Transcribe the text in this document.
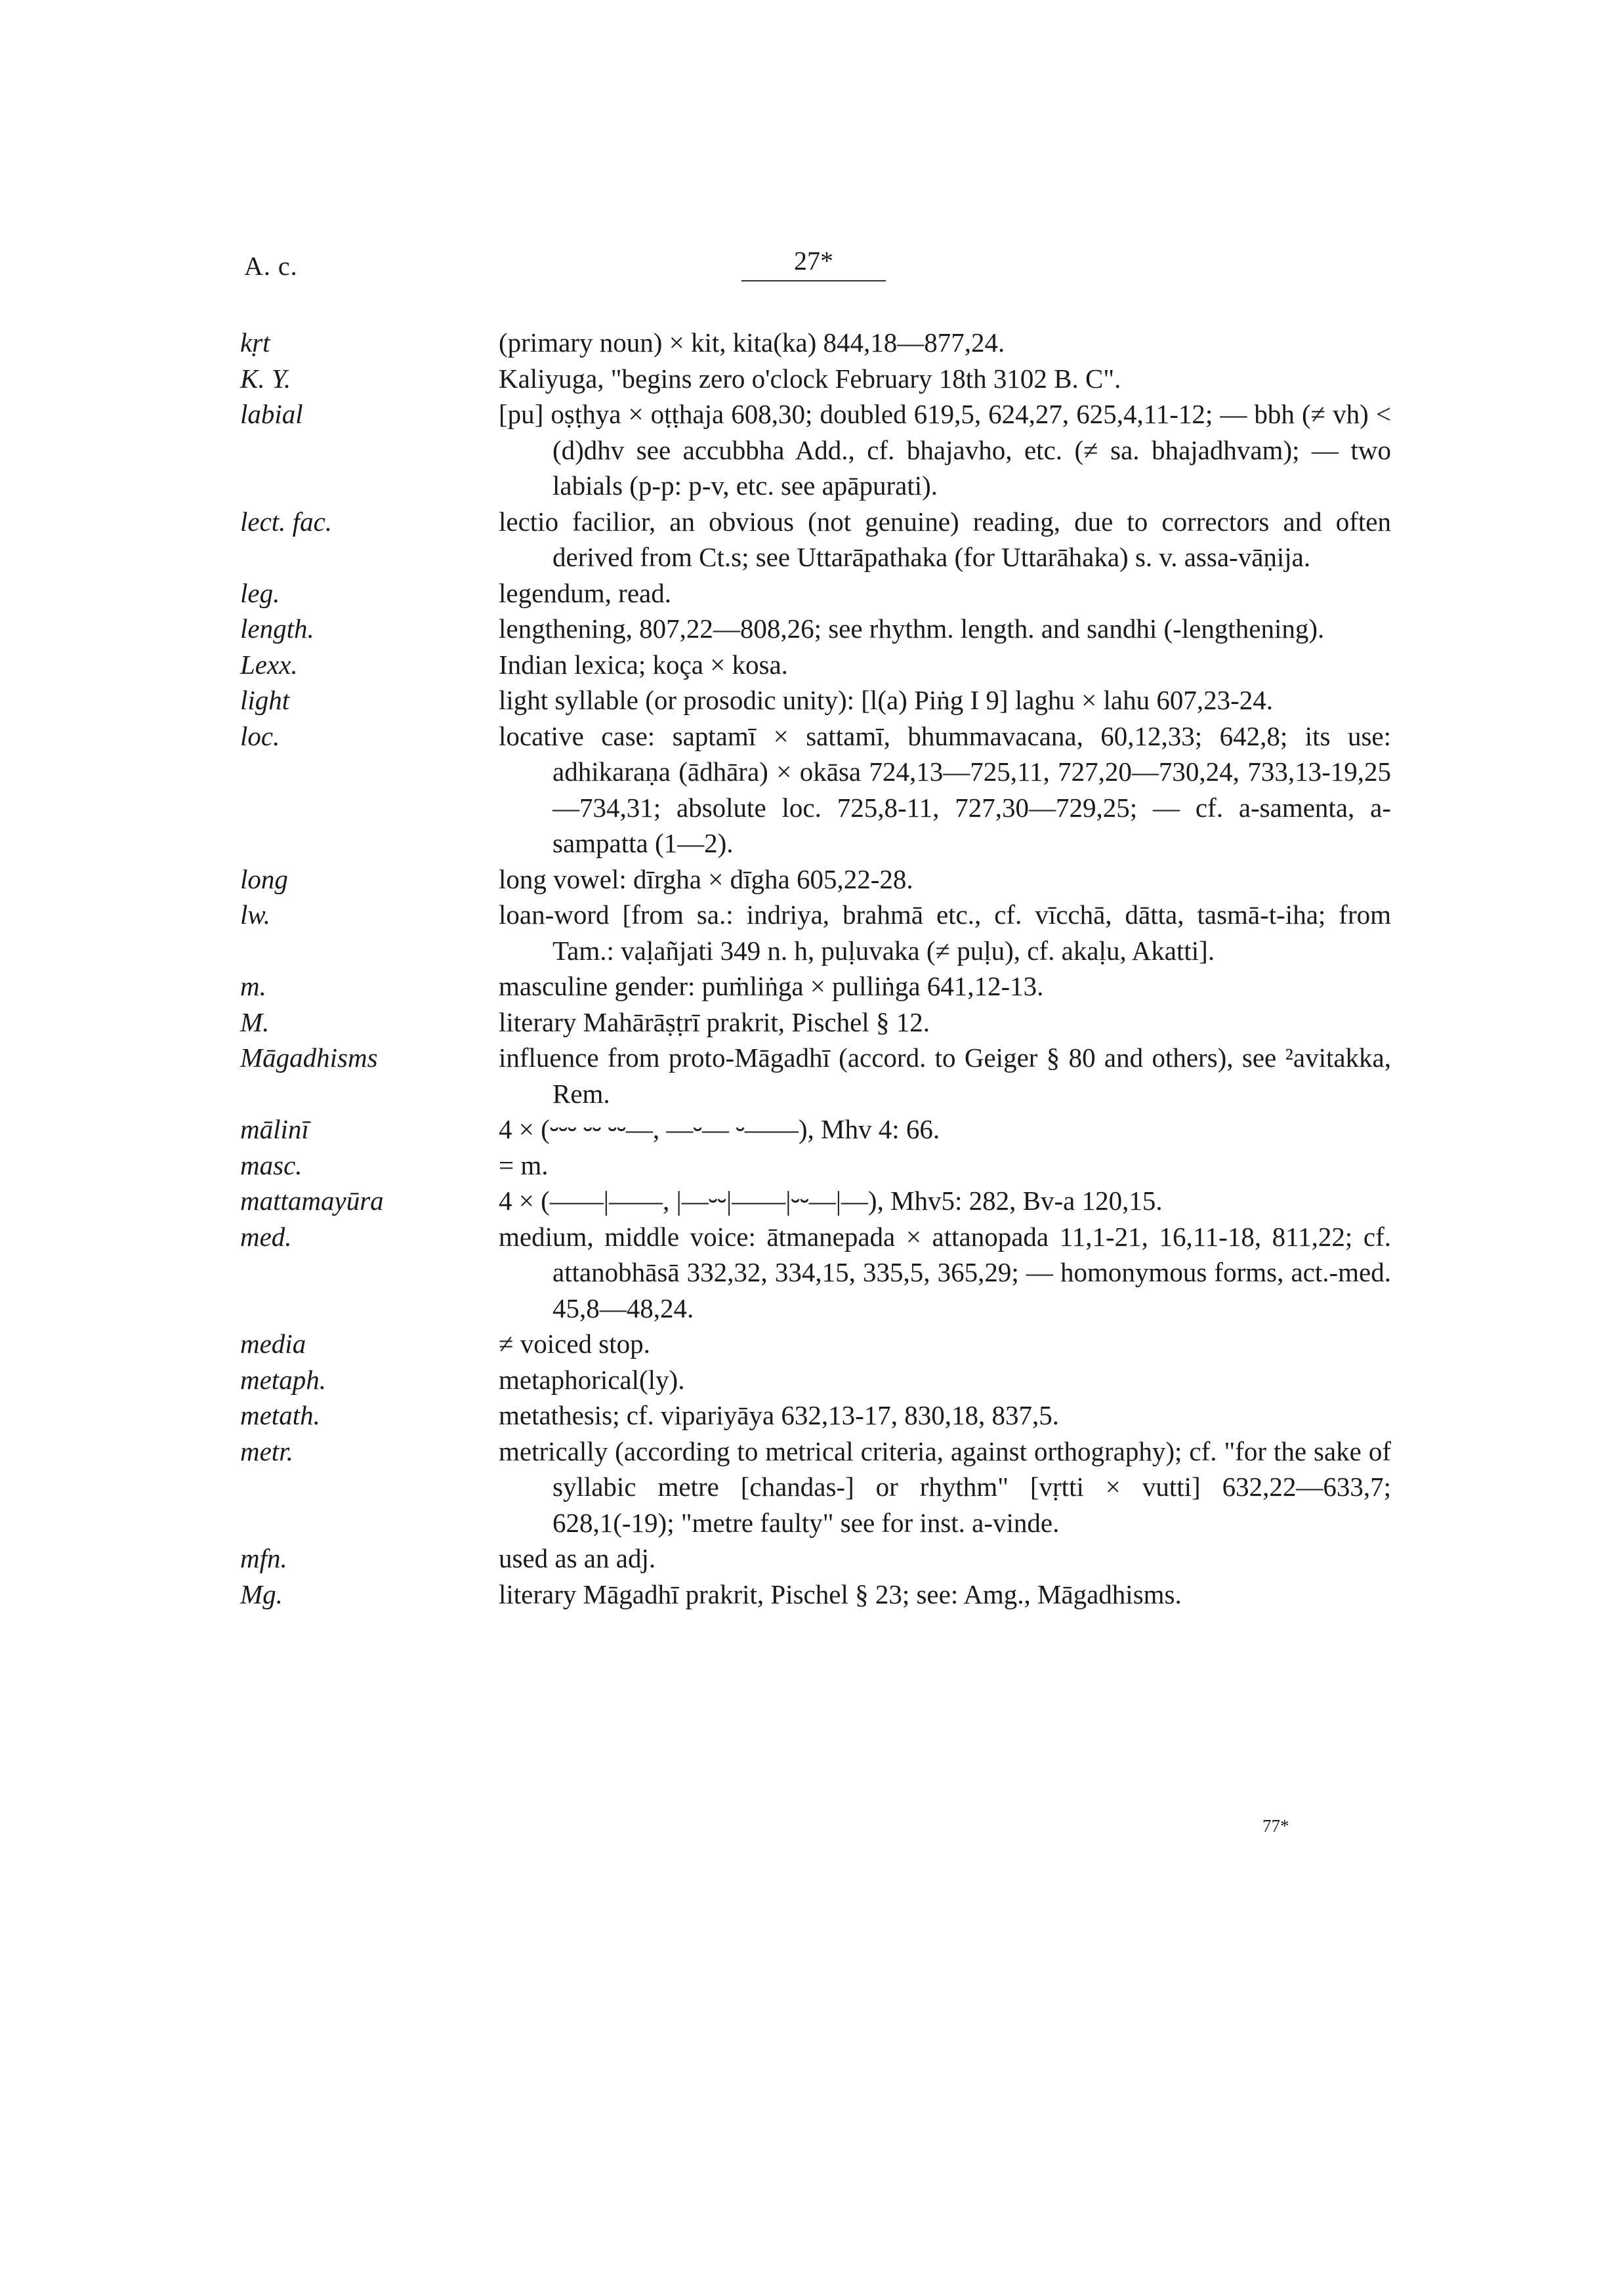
A. c.	27*
kṛt	(primary noun) × kit, kita(ka) 844,18—877,24.
K. Y.	Kaliyuga, "begins zero o'clock February 18th 3102 B. C".
labial	[pu] oṣṭhya × oṭṭhaja 608,30; doubled 619,5, 624,27, 625,4,11-12; — bbh (≠ vh) < (d)dhv see accubbha Add., cf. bhajavho, etc. (≠ sa. bhajadhvam); — two labials (p-p: p-v, etc. see apāpurati).
lect. fac.	lectio facilior, an obvious (not genuine) reading, due to correctors and often derived from Ct.s; see Uttarāpathaka (for Uttarāhaka) s. v. assa-vāṇija.
leg.	legendum, read.
length.	lengthening, 807,22—808,26; see rhythm. length. and sandhi (-lengthening).
Lexx.	Indian lexica; koça × kosa.
light	light syllable (or prosodic unity): [l(a) Piṅg I 9] laghu × lahu 607,23-24.
loc.	locative case: saptamī × sattamī, bhummavacana, 60,12,33; 642,8; its use: adhikaraṇa (ādhāra) × okāsa 724,13—725,11, 727,20—730,24, 733,13-19,25—734,31; absolute loc. 725,8-11, 727,30—729,25; — cf. a-samenta, a-sampatta (1—2).
long	long vowel: dīrgha × dīgha 605,22-28.
lw.	loan-word [from sa.: indriya, brahmā etc., cf. vīcchā, dātta, tasmā-t-iha; from Tam.: vaḷañjati 349 n. h, puḷuvaka (≠ puḷu), cf. akaḷu, Akatti].
m.	masculine gender: puṁliṅga × pulliṅga 641,12-13.
M.	literary Mahārāṣṭrī prakrit, Pischel § 12.
Māgadhisms	influence from proto-Māgadhī (accord. to Geiger § 80 and others), see ²avitakka, Rem.
mālinī	4 × (⏑⏑⏑ ⏑⏑ ⏑⏑—, —⏑— ⏑——), Mhv 4: 66.
masc.	= m.
mattamayūra	4 × (——|——, |—⏑⏑|——|⏑⏑—|—), Mhv5: 282, Bv-a 120,15.
med.	medium, middle voice: ātmanepada × attanopada 11,1-21, 16,11-18, 811,22; cf. attanobhāsā 332,32, 334,15, 335,5, 365,29; — homonymous forms, act.-med. 45,8—48,24.
media	≠ voiced stop.
metaph.	metaphorical(ly).
metath.	metathesis; cf. vipariyāya 632,13-17, 830,18, 837,5.
metr.	metrically (according to metrical criteria, against orthography); cf. "for the sake of syllabic metre [chandas-] or rhythm" [vṛtti × vutti] 632,22—633,7; 628,1(-19); "metre faulty" see for inst. a-vinde.
mfn.	used as an adj.
Mg.	literary Māgadhī prakrit, Pischel § 23; see: Amg., Māgadhisms.
77*
